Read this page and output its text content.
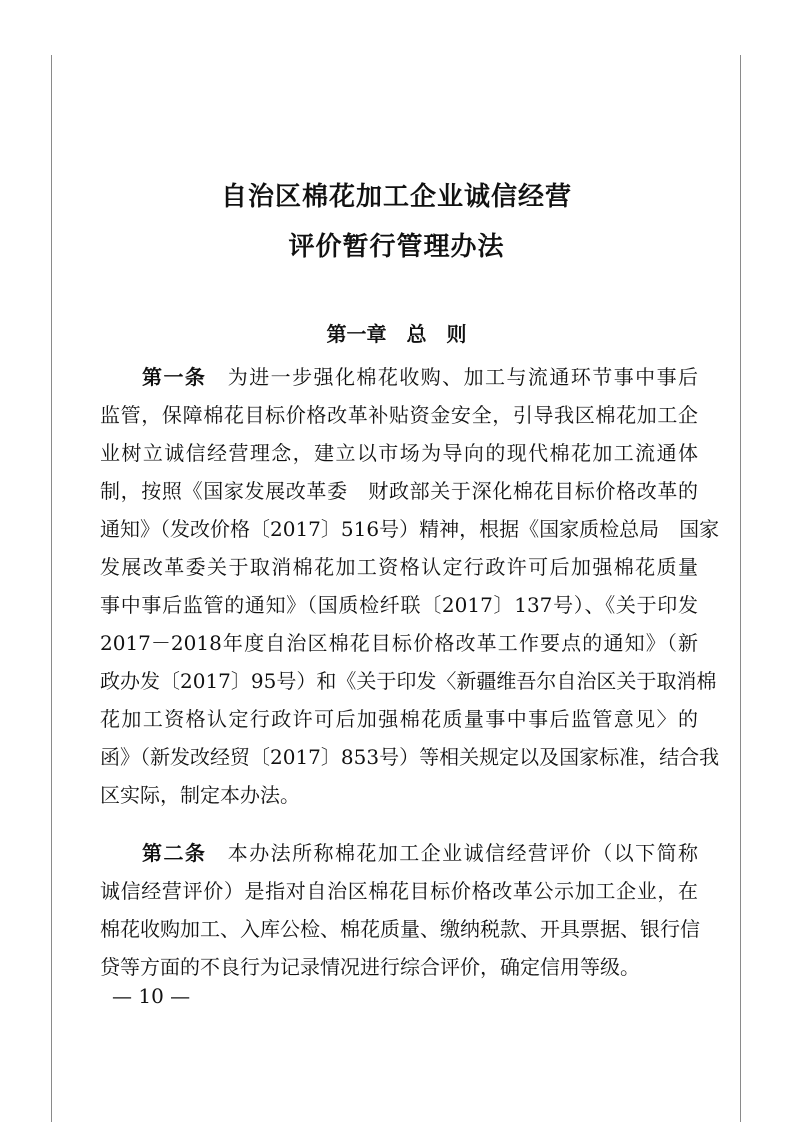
自治区棉花加工企业诚信经营
评价暂行管理办法
第一章　总　则
第一条　为进一步强化棉花收购、加工与流通环节事中事后
监管，保障棉花目标价格改革补贴资金安全，引导我区棉花加工企
业树立诚信经营理念，建立以市场为导向的现代棉花加工流通体
制，按照《国家发展改革委　财政部关于深化棉花目标价格改革的
通知》（发改价格〔2017〕516号）精神，根据《国家质检总局　国家
发展改革委关于取消棉花加工资格认定行政许可后加强棉花质量
事中事后监管的通知》（国质检纤联〔2017〕137号）、《关于印发
2017－2018年度自治区棉花目标价格改革工作要点的通知》（新
政办发〔2017〕95号）和《关于印发〈新疆维吾尔自治区关于取消棉
花加工资格认定行政许可后加强棉花质量事中事后监管意见〉的
函》（新发改经贸〔2017〕853号）等相关规定以及国家标准，结合我
区实际，制定本办法。
第二条　本办法所称棉花加工企业诚信经营评价（以下简称
诚信经营评价）是指对自治区棉花目标价格改革公示加工企业，在
棉花收购加工、入库公检、棉花质量、缴纳税款、开具票据、银行信
贷等方面的不良行为记录情况进行综合评价，确定信用等级。
— 10 —
